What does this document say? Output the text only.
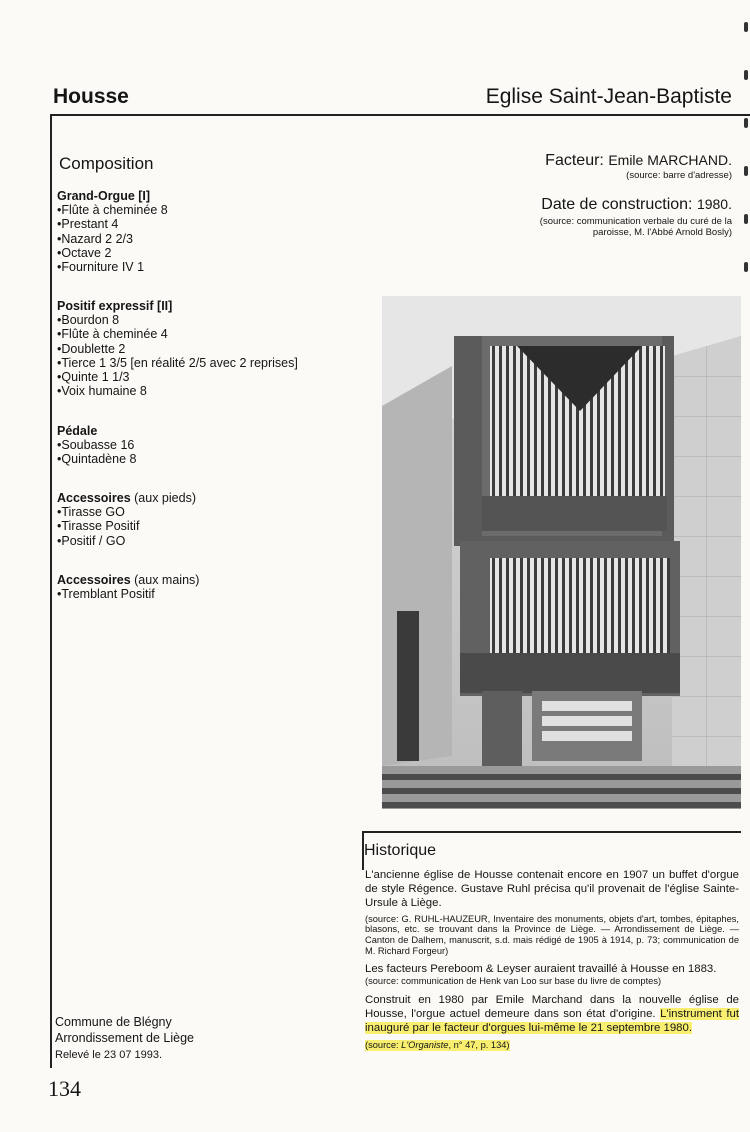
Housse	Eglise Saint-Jean-Baptiste
Composition
Grand-Orgue [I]
• Flûte à cheminée 8
• Prestant 4
• Nazard 2 2/3
• Octave 2
• Fourniture IV 1
Positif expressif [II]
• Bourdon 8
• Flûte à cheminée 4
• Doublette 2
• Tierce 1 3/5 [en réalité 2/5 avec 2 reprises]
• Quinte 1 1/3
• Voix humaine 8
Pédale
• Soubasse 16
• Quintadène 8
Accessoires (aux pieds)
• Tirasse GO
• Tirasse Positif
• Positif / GO
Accessoires (aux mains)
• Tremblant Positif
Facteur: Emile MARCHAND.
(source: barre d'adresse)
Date de construction: 1980.
(source: communication verbale du curé de la
paroisse, M. l'Abbé Arnold Bosly)
Historique
L'ancienne église de Housse contenait encore en 1907 un buffet d'orgue de style Régence. Gustave Ruhl précisa qu'il provenait de l'église Sainte-Ursule à Liège.
(source: G. RUHL-HAUZEUR, Inventaire des monuments, objets d'art, tombes, épitaphes, blasons, etc. se trouvant dans la Province de Liège. — Arrondissement de Liège. — Canton de Dalhem, manuscrit, s.d. mais rédigé de 1905 à 1914, p. 73; communication de M. Richard Forgeur)
Les facteurs Pereboom & Leyser auraient travaillé à Housse en 1883.
(source: communication de Henk van Loo sur base du livre de comptes)
Construit en 1980 par Emile Marchand dans la nouvelle église de Housse, l'orgue actuel demeure dans son état d'origine. L'instrument fut inauguré par le facteur d'orgues lui-même le 21 septembre 1980.
(source: L'Organiste, n° 47, p. 134)
Commune de Blégny
Arrondissement de Liège
Relevé le 23 07 1993.
134
